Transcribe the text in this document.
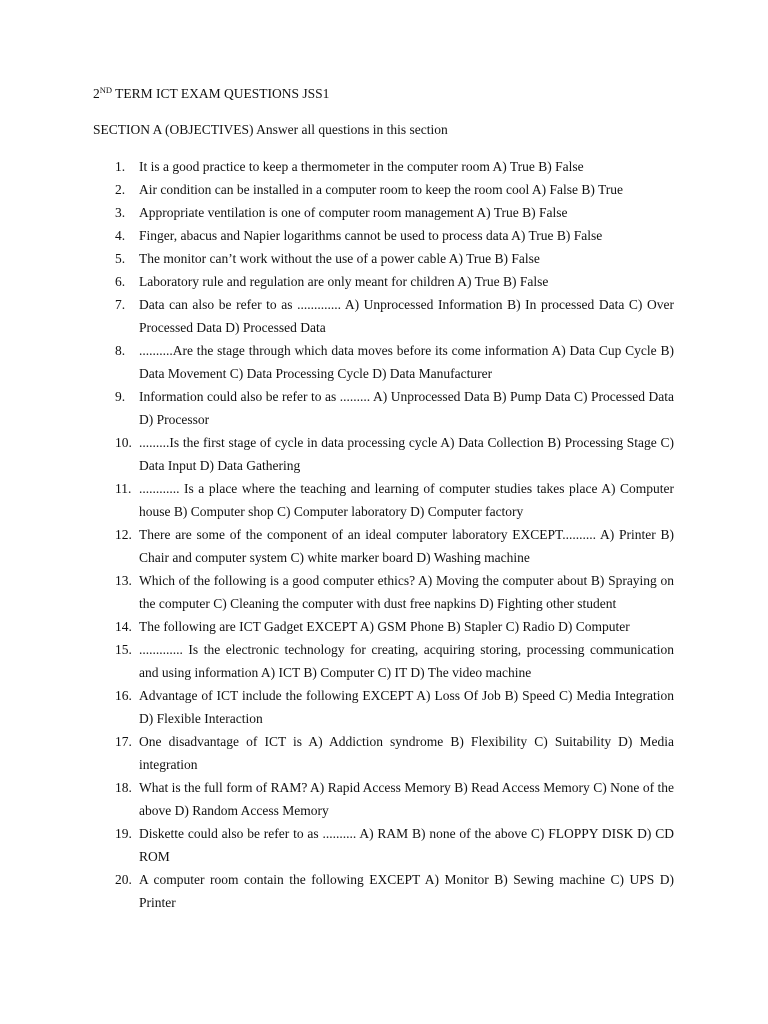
2ND TERM ICT EXAM QUESTIONS JSS1
SECTION A (OBJECTIVES) Answer all questions in this section
1. It is a good practice to keep a thermometer in the computer room A) True B) False
2. Air condition can be installed in a computer room to keep the room cool A) False B) True
3. Appropriate ventilation is one of computer room management A) True B) False
4. Finger, abacus and Napier logarithms cannot be used to process data A) True B) False
5. The monitor can’t work without the use of a power cable A) True B) False
6. Laboratory rule and regulation are only meant for children A) True B) False
7. Data can also be refer to as ............. A) Unprocessed Information B) In processed Data C) Over Processed Data D) Processed Data
8. ..........Are the stage through which data moves before its come information A) Data Cup Cycle B) Data Movement C) Data Processing Cycle D) Data Manufacturer
9. Information could also be refer to as ......... A) Unprocessed Data B) Pump Data C) Processed Data D) Processor
10. .........Is the first stage of cycle in data processing cycle A) Data Collection B) Processing Stage C) Data Input D) Data Gathering
11. ............ Is a place where the teaching and learning of computer studies takes place A) Computer house B) Computer shop C) Computer laboratory D) Computer factory
12. There are some of the component of an ideal computer laboratory EXCEPT.......... A) Printer B) Chair and computer system C) white marker board D) Washing machine
13. Which of the following is a good computer ethics? A) Moving the computer about B) Spraying on the computer C) Cleaning the computer with dust free napkins D) Fighting other student
14. The following are ICT Gadget EXCEPT A) GSM Phone B) Stapler C) Radio D) Computer
15. ............. Is the electronic technology for creating, acquiring storing, processing communication and using information A) ICT B) Computer C) IT D) The video machine
16. Advantage of ICT include the following EXCEPT A) Loss Of Job B) Speed C) Media Integration D) Flexible Interaction
17. One disadvantage of ICT is A) Addiction syndrome B) Flexibility C) Suitability D) Media integration
18. What is the full form of RAM? A) Rapid Access Memory B) Read Access Memory C) None of the above D) Random Access Memory
19. Diskette could also be refer to as .......... A) RAM B) none of the above C) FLOPPY DISK D) CD ROM
20. A computer room contain the following EXCEPT A) Monitor B) Sewing machine C) UPS D) Printer
